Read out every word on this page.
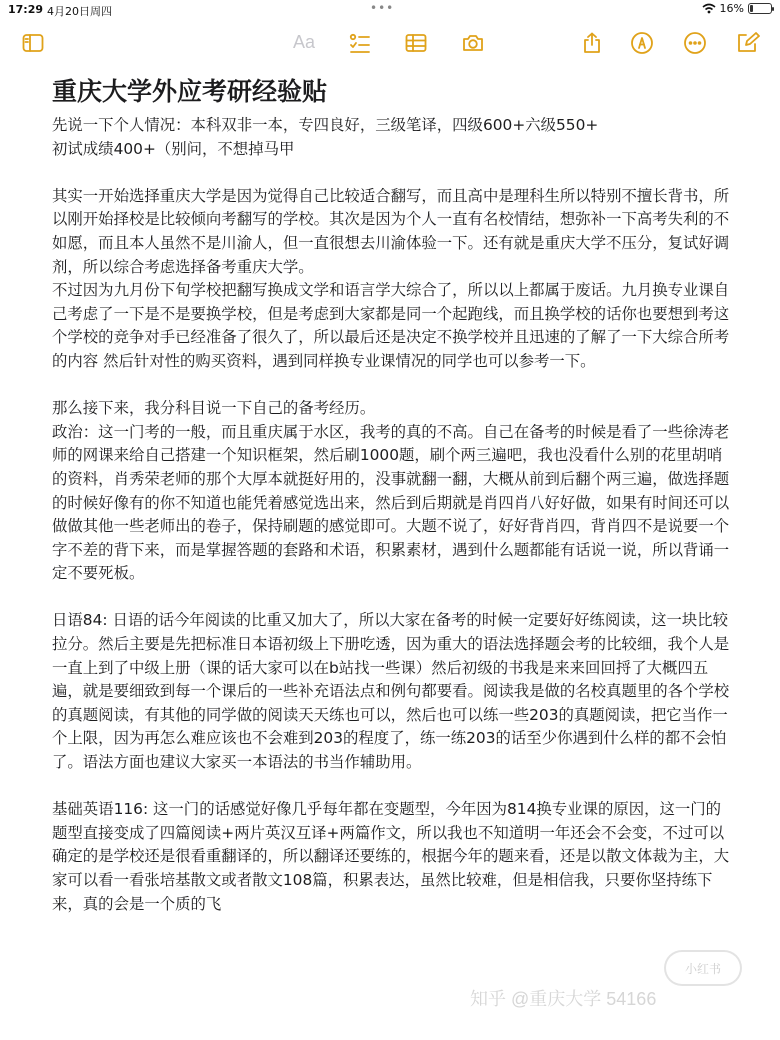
17:29 4月20日周四	•••	16%
Aa
重庆大学外应考研经验贴

先说一下个人情况：本科双非一本，专四良好，三级笔译，四级600+六级550+

初试成绩400+（别问，不想掉马甲

其实一开始选择重庆大学是因为觉得自己比较适合翻写，而且高中是理科生所以特别不擅长背书，所以刚开始择校是比较倾向考翻写的学校。其次是因为个人一直有名校情结，想弥补一下高考失利的不如愿，而且本人虽然不是川渝人，但一直很想去川渝体验一下。还有就是重庆大学不压分，复试好调剂，所以综合考虑选择备考重庆大学。

不过因为九月份下旬学校把翻写换成文学和语言学大综合了，所以以上都属于废话。九月换专业课自己考虑了一下是不是要换学校，但是考虑到大家都是同一个起跑线，而且换学校的话你也要想到考这个学校的竞争对手已经准备了很久了，所以最后还是决定不换学校并且迅速的了解了一下大综合所考的内容 然后针对性的购买资料，遇到同样换专业课情况的同学也可以参考一下。

那么接下来，我分科目说一下自己的备考经历。

政治：这一门考的一般，而且重庆属于水区，我考的真的不高。自己在备考的时候是看了一些徐涛老师的网课来给自己搭建一个知识框架，然后刷1000题，刷个两三遍吧，我也没看什么别的花里胡哨的资料，肖秀荣老师的那个大厚本就挺好用的，没事就翻一翻，大概从前到后翻个两三遍，做选择题的时候好像有的你不知道也能凭着感觉选出来，然后到后期就是肖四肖八好好做，如果有时间还可以做做其他一些老师出的卷子，保持刷题的感觉即可。大题不说了，好好背肖四，背肖四不是说要一个字不差的背下来，而是掌握答题的套路和术语，积累素材，遇到什么题都能有话说一说，所以背诵一定不要死板。

日语84: 日语的话今年阅读的比重又加大了，所以大家在备考的时候一定要好好练阅读，这一块比较拉分。然后主要是先把标准日本语初级上下册吃透，因为重大的语法选择题会考的比较细，我个人是一直上到了中级上册（课的话大家可以在b站找一些课）然后初级的书我是来来回回捋了大概四五遍，就是要细致到每一个课后的一些补充语法点和例句都要看。阅读我是做的名校真题里的各个学校的真题阅读，有其他的同学做的阅读天天练也可以，然后也可以练一些203的真题阅读，把它当作一个上限，因为再怎么难应该也不会难到203的程度了，练一练203的话至少你遇到什么样的都不会怕了。语法方面也建议大家买一本语法的书当作辅助用。

基础英语116: 这一门的话感觉好像几乎每年都在变题型，今年因为814换专业课的原因，这一门的题型直接变成了四篇阅读+两片英汉互译+两篇作文，所以我也不知道明一年还会不会变，不过可以确定的是学校还是很看重翻译的，所以翻译还要练的，根据今年的题来看，还是以散文体裁为主，大家可以看一看张培基散文或者散文108篇，积累表达，虽然比较难，但是相信我，只要你坚持练下来，真的会是一个质的飞

小红书
知乎 @重庆大学 54166
